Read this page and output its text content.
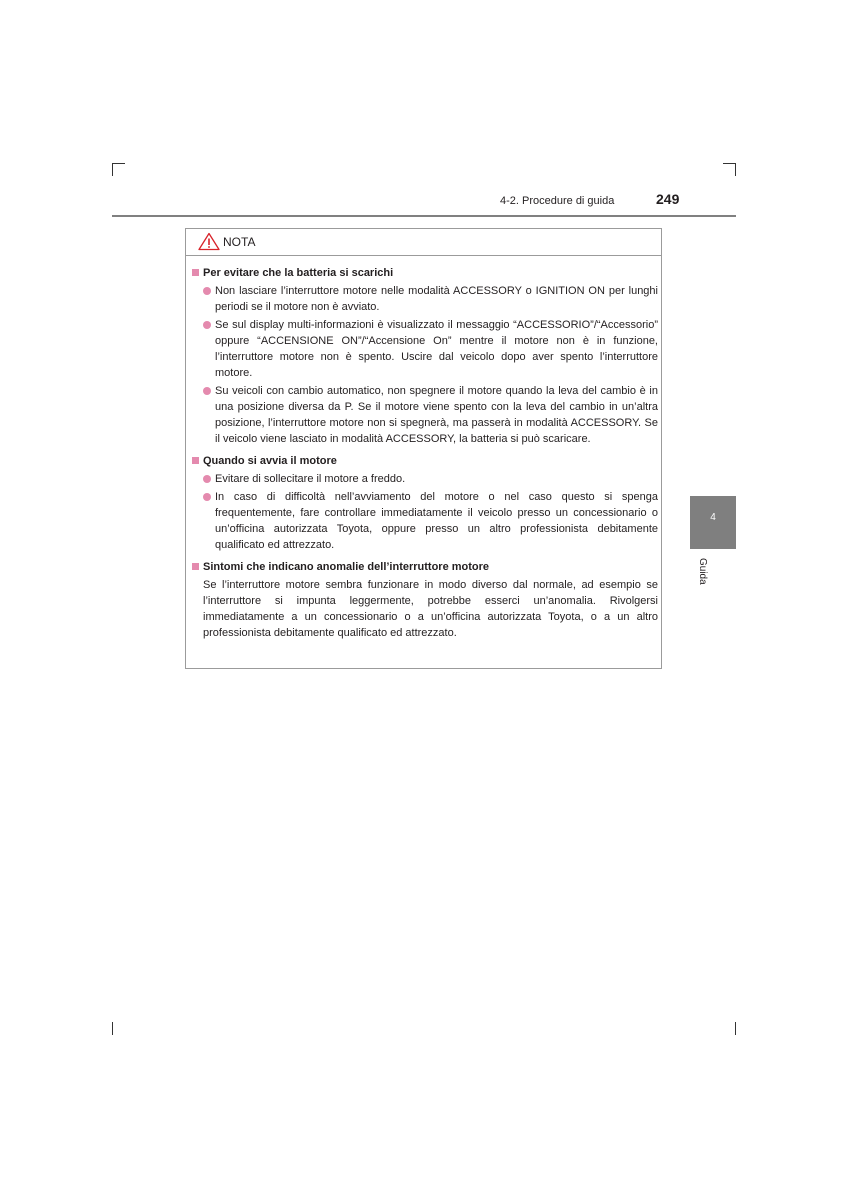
4-2. Procedure di guida	249
4
Guida
NOTA

Per evitare che la batteria si scarichi

Non lasciare l’interruttore motore nelle modalità ACCESSORY o IGNITION ON per lunghi periodi se il motore non è avviato.

Se sul display multi-informazioni è visualizzato il messaggio “ACCESSORIO”/“Accessorio” oppure “ACCENSIONE ON”/“Accensione On” mentre il motore non è in funzione, l’interruttore motore non è spento. Uscire dal veicolo dopo aver spento l’interruttore motore.

Su veicoli con cambio automatico, non spegnere il motore quando la leva del cambio è in una posizione diversa da P. Se il motore viene spento con la leva del cambio in un’altra posizione, l’interruttore motore non si spegnerà, ma passerà in modalità ACCESSORY. Se il veicolo viene lasciato in modalità ACCESSORY, la batteria si può scaricare.

Quando si avvia il motore

Evitare di sollecitare il motore a freddo.

In caso di difficoltà nell’avviamento del motore o nel caso questo si spenga frequentemente, fare controllare immediatamente il veicolo presso un concessionario o un’officina autorizzata Toyota, oppure presso un altro professionista debitamente qualificato ed attrezzato.

Sintomi che indicano anomalie dell’interruttore motore

Se l’interruttore motore sembra funzionare in modo diverso dal normale, ad esempio se l’interruttore si impunta leggermente, potrebbe esserci un’anomalia. Rivolgersi immediatamente a un concessionario o a un’officina autorizzata Toyota, o a un altro professionista debitamente qualificato ed attrezzato.
